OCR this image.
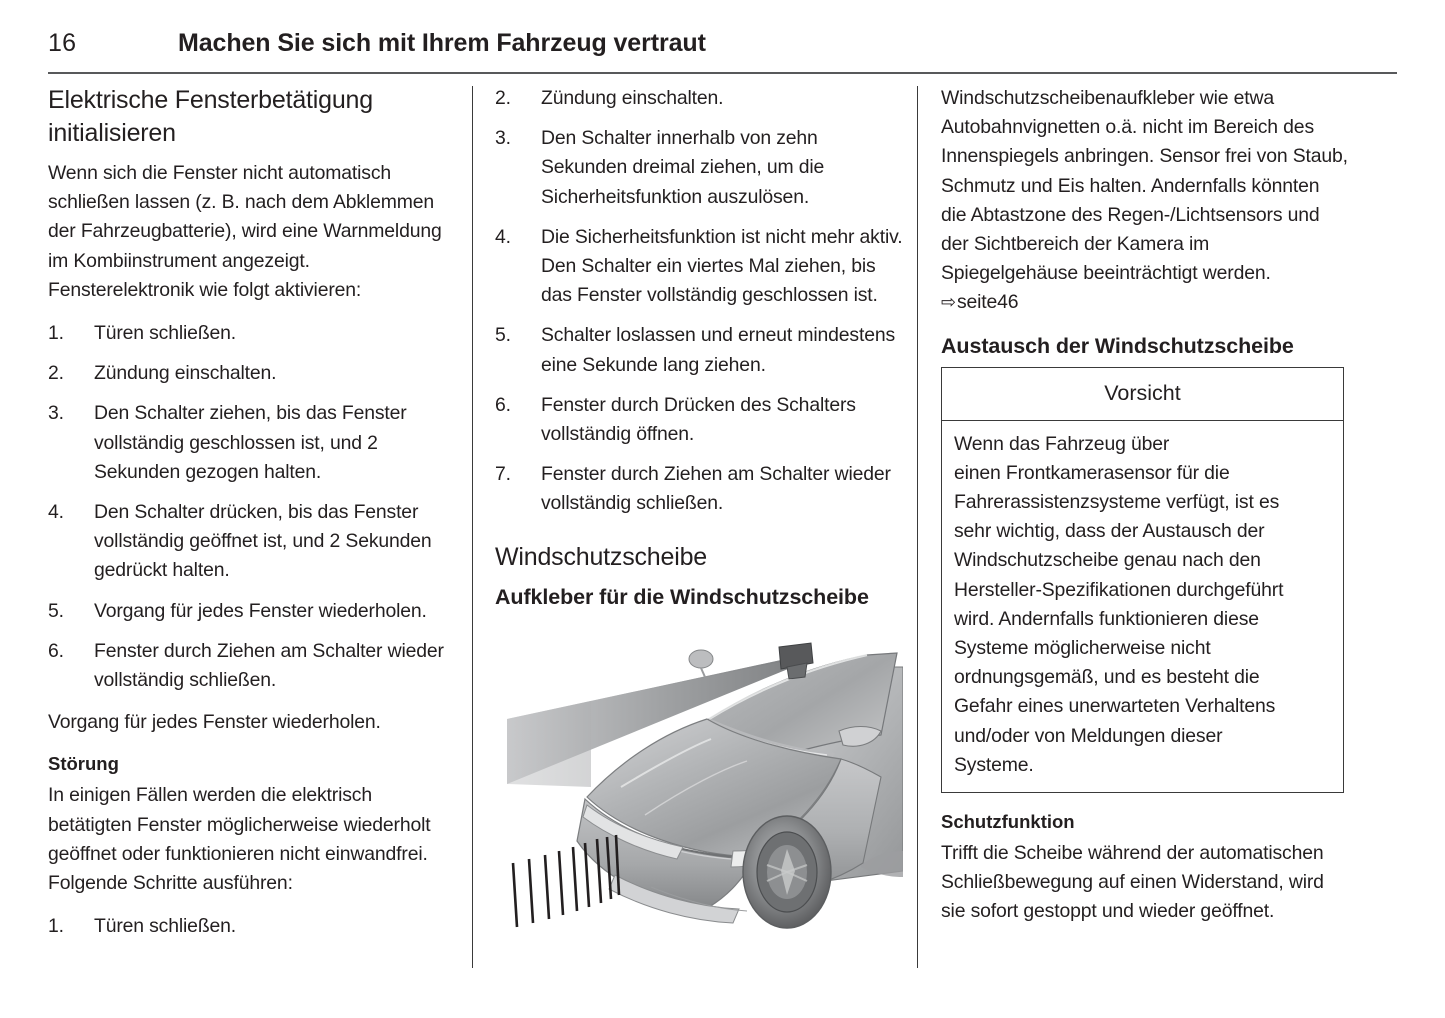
16	Machen Sie sich mit Ihrem Fahrzeug vertraut
Elektrische Fensterbetätigung initialisieren

Wenn sich die Fenster nicht automatisch schließen lassen (z. B. nach dem Abklemmen der Fahrzeugbatterie), wird eine Warnmeldung im Kombiinstrument angezeigt. Fensterelektronik wie folgt aktivieren:

1.	Türen schließen.
2.	Zündung einschalten.
3.	Den Schalter ziehen, bis das Fenster vollständig geschlossen ist, und 2 Sekunden gezogen halten.
4.	Den Schalter drücken, bis das Fenster vollständig geöffnet ist, und 2 Sekunden gedrückt halten.
5.	Vorgang für jedes Fenster wiederholen.
6.	Fenster durch Ziehen am Schalter wieder vollständig schließen.

Vorgang für jedes Fenster wiederholen.

Störung

In einigen Fällen werden die elektrisch betätigten Fenster möglicherweise wiederholt geöffnet oder funktionieren nicht einwandfrei.

Folgende Schritte ausführen:

1.	Türen schließen.
2.	Zündung einschalten.
3.	Den Schalter innerhalb von zehn Sekunden dreimal ziehen, um die Sicherheitsfunktion auszulösen.
4.	Die Sicherheitsfunktion ist nicht mehr aktiv. Den Schalter ein viertes Mal ziehen, bis das Fenster vollständig geschlossen ist.
5.	Schalter loslassen und erneut mindestens eine Sekunde lang ziehen.
6.	Fenster durch Drücken des Schalters vollständig öffnen.
7.	Fenster durch Ziehen am Schalter wieder vollständig schließen.
Windschutzscheibe
Aufkleber für die Windschutzscheibe

Windschutzscheibenaufkleber wie etwa Autobahnvignetten o.ä. nicht im Bereich des Innenspiegels anbringen. Sensor frei von Staub, Schmutz und Eis halten. Andernfalls könnten die Abtastzone des Regen-/Lichtsensors und der Sichtbereich der Kamera im Spiegelgehäuse beeinträchtigt werden.

⇨seite46
Austausch der Windschutzscheibe
Vorsicht
Wenn das Fahrzeug über
einen Frontkamerasensor für die
Fahrerassistenzsysteme verfügt, ist es
sehr wichtig, dass der Austausch der
Windschutzscheibe genau nach den
Hersteller-Spezifikationen durchgeführt
wird. Andernfalls funktionieren diese
Systeme möglicherweise nicht
ordnungsgemäß, und es besteht die
Gefahr eines unerwarteten Verhaltens
und/oder von Meldungen dieser
Systeme.
Schutzfunktion

Trifft die Scheibe während der automatischen Schließbewegung auf einen Widerstand, wird sie sofort gestoppt und wieder geöffnet.
